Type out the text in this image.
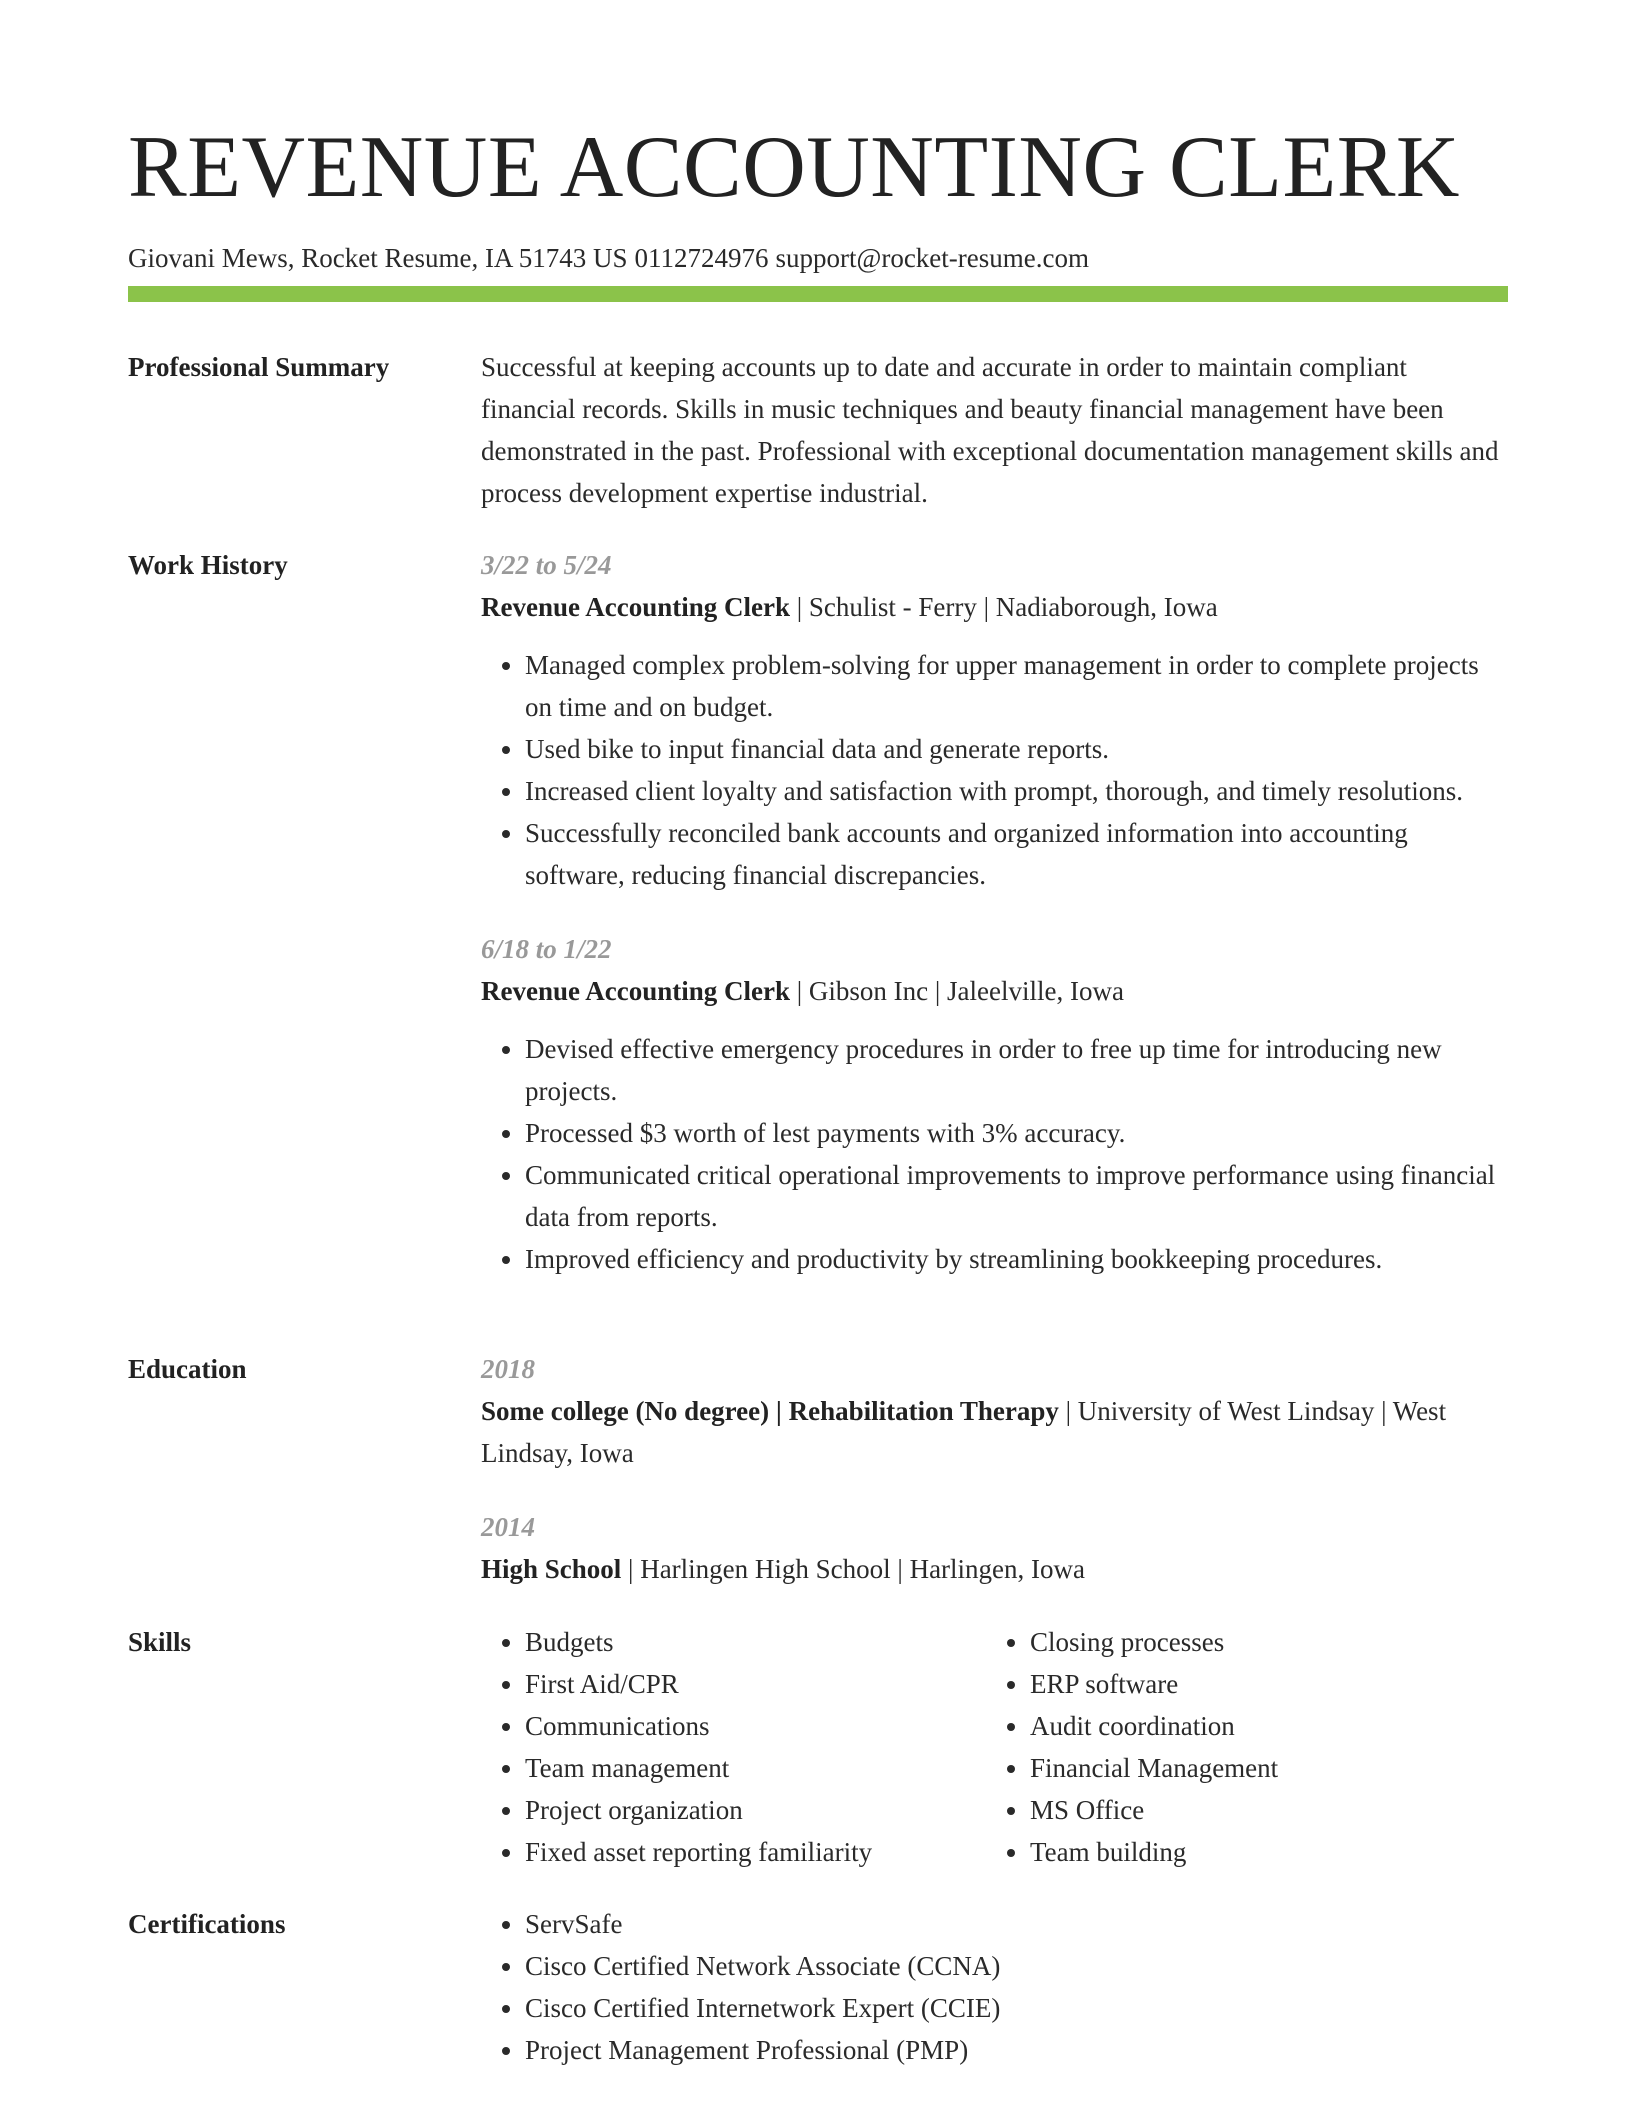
REVENUE ACCOUNTING CLERK
Giovani Mews, Rocket Resume, IA 51743 US 0112724976 support@rocket-resume.com
Professional Summary	Successful at keeping accounts up to date and accurate in order to maintain compliant financial records. Skills in music techniques and beauty financial management have been demonstrated in the past. Professional with exceptional documentation management skills and process development expertise industrial.

Work History	3/22 to 5/24
Revenue Accounting Clerk | Schulist - Ferry | Nadiaborough, Iowa
• Managed complex problem-solving for upper management in order to complete projects on time and on budget.
• Used bike to input financial data and generate reports.
• Increased client loyalty and satisfaction with prompt, thorough, and timely resolutions.
• Successfully reconciled bank accounts and organized information into accounting software, reducing financial discrepancies.
6/18 to 1/22
Revenue Accounting Clerk | Gibson Inc | Jaleelville, Iowa
• Devised effective emergency procedures in order to free up time for introducing new projects.
• Processed $3 worth of lest payments with 3% accuracy.
• Communicated critical operational improvements to improve performance using financial data from reports.
• Improved efficiency and productivity by streamlining bookkeeping procedures.
Education	2018
Some college (No degree) | Rehabilitation Therapy | University of West Lindsay | West Lindsay, Iowa
2014
High School | Harlingen High School | Harlingen, Iowa
Skills	• Budgets
• First Aid/CPR
• Communications
• Team management
• Project organization
• Fixed asset reporting familiarity
• Closing processes
• ERP software
• Audit coordination
• Financial Management
• MS Office
• Team building
Certifications	• ServSafe
• Cisco Certified Network Associate (CCNA)
• Cisco Certified Internetwork Expert (CCIE)
• Project Management Professional (PMP)
